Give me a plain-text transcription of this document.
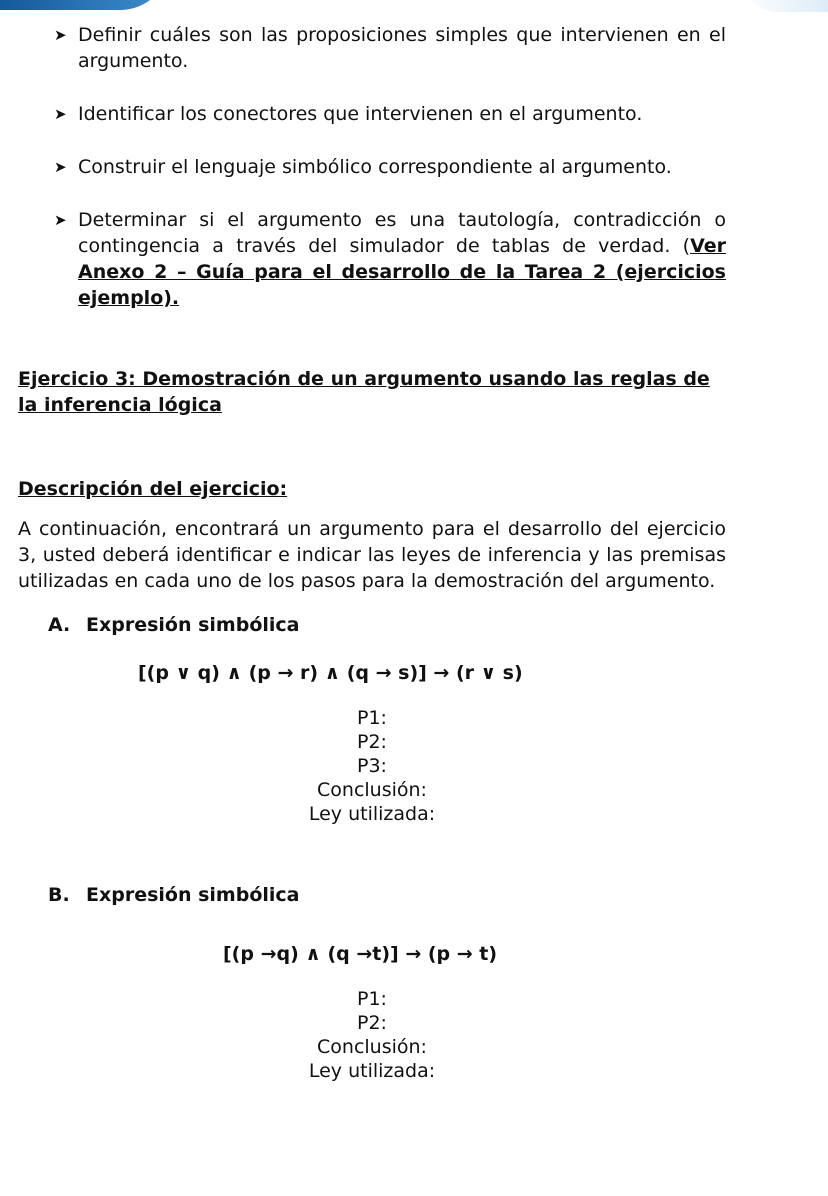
➤ Definir cuáles son las proposiciones simples que intervienen en el argumento.
➤ Identificar los conectores que intervienen en el argumento.
➤ Construir el lenguaje simbólico correspondiente al argumento.
➤ Determinar si el argumento es una tautología, contradicción o contingencia a través del simulador de tablas de verdad. (Ver Anexo 2 – Guía para el desarrollo de la Tarea 2 (ejercicios ejemplo).
Ejercicio 3: Demostración de un argumento usando las reglas de la inferencia lógica
Descripción del ejercicio:

A continuación, encontrará un argumento para el desarrollo del ejercicio 3, usted deberá identificar e indicar las leyes de inferencia y las premisas utilizadas en cada uno de los pasos para la demostración del argumento.

A. Expresión simbólica
[(p ∨ q) ∧ (p → r) ∧ (q → s)] → (r ∨ s)
P1:
P2:
P3:
Conclusión:
Ley utilizada:
B. Expresión simbólica
[(p →q) ∧ (q →t)] → (p → t)
P1:
P2:
Conclusión:
Ley utilizada:
